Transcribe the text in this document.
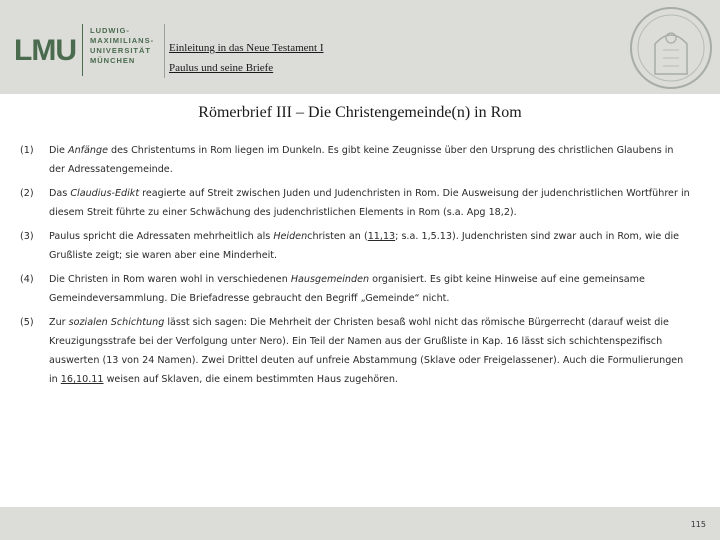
LMU
LUDWIG-
MAXIMILIANS-
UNIVERSITÄT
MÜNCHEN
Einleitung in das Neue Testament I
Paulus und seine Briefe
Römerbrief III – Die Christengemeinde(n) in Rom
(1)	Die Anfänge des Christentums in Rom liegen im Dunkeln. Es gibt keine Zeugnisse über den Ursprung des christlichen Glaubens in der Adressatengemeinde.
(2)	Das Claudius-Edikt reagierte auf Streit zwischen Juden und Judenchristen in Rom. Die Ausweisung der judenchristlichen Wortführer in diesem Streit führte zu einer Schwächung des judenchristlichen Elements in Rom (s.a. Apg 18,2).
(3)	Paulus spricht die Adressaten mehrheitlich als Heidenchristen an (11,13; s.a. 1,5.13). Judenchristen sind zwar auch in Rom, wie die Grußliste zeigt; sie waren aber eine Minderheit.
(4)	Die Christen in Rom waren wohl in verschiedenen Hausgemeinden organisiert. Es gibt keine Hinweise auf eine gemeinsame Gemeindeversammlung. Die Briefadresse gebraucht den Begriff „Gemeinde“ nicht.
(5)	Zur sozialen Schichtung lässt sich sagen: Die Mehrheit der Christen besaß wohl nicht das römische Bürgerrecht (darauf weist die Kreuzigungsstrafe bei der Verfolgung unter Nero). Ein Teil der Namen aus der Grußliste in Kap. 16 lässt sich schichtenspezifisch auswerten (13 von 24 Namen). Zwei Drittel deuten auf unfreie Abstammung (Sklave oder Freigelassener). Auch die Formulierungen in 16,10.11 weisen auf Sklaven, die einem bestimmten Haus zugehören.
115
